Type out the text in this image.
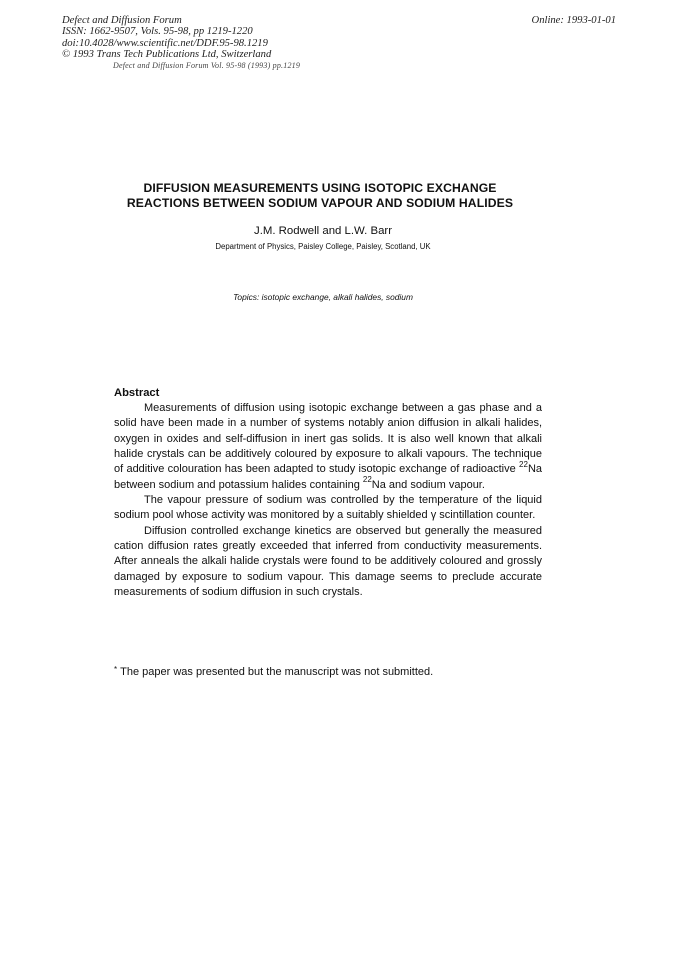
Defect and Diffusion Forum
ISSN: 1662-9507, Vols. 95-98, pp 1219-1220
doi:10.4028/www.scientific.net/DDF.95-98.1219
© 1993 Trans Tech Publications Ltd, Switzerland
Online: 1993-01-01
Defect and Diffusion Forum Vol. 95-98 (1993) pp.1219
DIFFUSION MEASUREMENTS USING ISOTOPIC EXCHANGE
REACTIONS BETWEEN SODIUM VAPOUR AND SODIUM HALIDES
J.M. Rodwell and L.W. Barr
Department of Physics, Paisley College, Paisley, Scotland, UK
Topics: isotopic exchange, alkali halides, sodium
Abstract

Measurements of diffusion using isotopic exchange between a gas phase and a solid have been made in a number of systems notably anion diffusion in alkali halides, oxygen in oxides and self-diffusion in inert gas solids. It is also well known that alkali halide crystals can be additively coloured by exposure to alkali vapours. The technique of additive colouration has been adapted to study isotopic exchange of radioactive $^{22}$Na between sodium and potassium halides containing $^{22}$Na and sodium vapour.

The vapour pressure of sodium was controlled by the temperature of the liquid sodium pool whose activity was monitored by a suitably shielded γ scintillation counter.

Diffusion controlled exchange kinetics are observed but generally the measured cation diffusion rates greatly exceeded that inferred from conductivity measurements. After anneals the alkali halide crystals were found to be additively coloured and grossly damaged by exposure to sodium vapour. This damage seems to preclude accurate measurements of sodium diffusion in such crystals.

* The paper was presented but the manuscript was not submitted.
